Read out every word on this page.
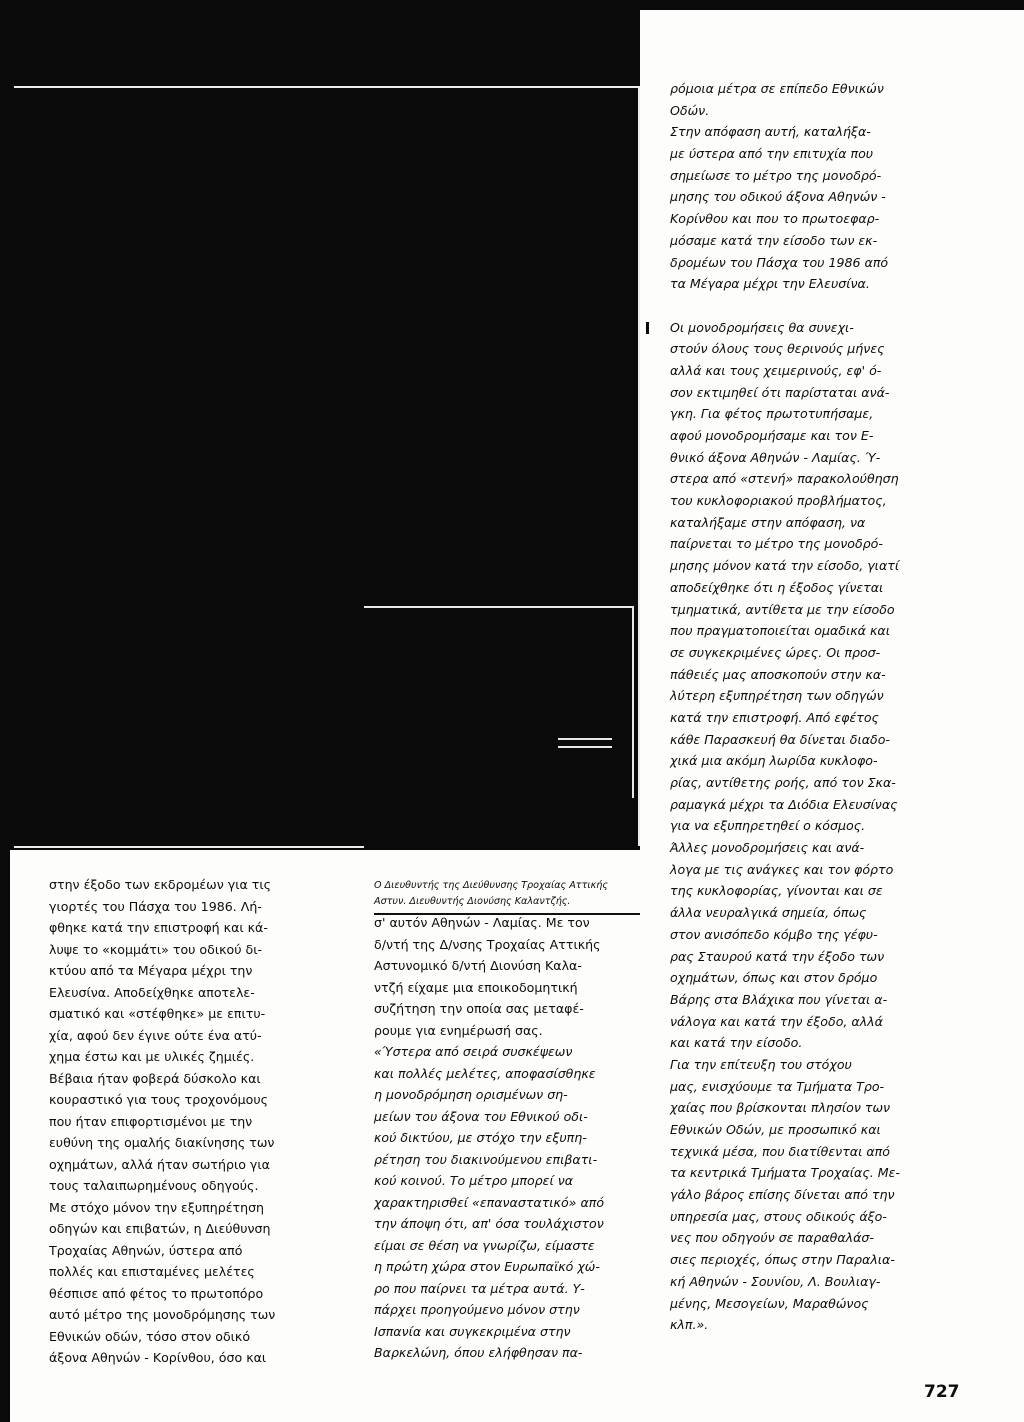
στην έξοδο των εκδρομέων για τις
γιορτές του Πάσχα του 1986. Λή-
φθηκε κατά την επιστροφή και κά-
λυψε το «κομμάτι» του οδικού δι-
κτύου από τα Μέγαρα μέχρι την
Ελευσίνα. Αποδείχθηκε αποτελε-
σματικό και «στέφθηκε» με επιτυ-
χία, αφού δεν έγινε ούτε ένα ατύ-
χημα έστω και με υλικές ζημιές.
Βέβαια ήταν φοβερά δύσκολο και
κουραστικό για τους τροχονόμους
που ήταν επιφορτισμένοι με την
ευθύνη της ομαλής διακίνησης των
οχημάτων, αλλά ήταν σωτήριο για
τους ταλαιπωρημένους οδηγούς.
Με στόχο μόνον την εξυπηρέτηση
οδηγών και επιβατών, η Διεύθυνση
Τροχαίας Αθηνών, ύστερα από
πολλές και επισταμένες μελέτες
θέσπισε από φέτος το πρωτοπόρο
αυτό μέτρο της μονοδρόμησης των
Εθνικών οδών, τόσο στον οδικό
άξονα Αθηνών - Κορίνθου, όσο και
Ο Διευθυντής της Διεύθυνσης Τροχαίας Αττικής
Αστυν. Διευθυντής Διονύσης Καλαντζής.
σ' αυτόν Αθηνών - Λαμίας. Με τον
δ/ντή της Δ/νσης Τροχαίας Αττικής
Αστυνομικό δ/ντή Διονύση Καλα-
ντζή είχαμε μια εποικοδομητική
συζήτηση την οποία σας μεταφέ-
ρουμε για ενημέρωσή σας.
«Ύστερα από σειρά συσκέψεων
και πολλές μελέτες, αποφασίσθηκε
η μονοδρόμηση ορισμένων ση-
μείων του άξονα του Εθνικού οδι-
κού δικτύου, με στόχο την εξυπη-
ρέτηση του διακινούμενου επιβατι-
κού κοινού. Το μέτρο μπορεί να
χαρακτηρισθεί «επαναστατικό» από
την άποψη ότι, απ' όσα τουλάχιστον
είμαι σε θέση να γνωρίζω, είμαστε
η πρώτη χώρα στον Ευρωπαϊκό χώ-
ρο που παίρνει τα μέτρα αυτά. Υ-
πάρχει προηγούμενο μόνον στην
Ισπανία και συγκεκριμένα στην
Βαρκελώνη, όπου ελήφθησαν πα-
ρόμοια μέτρα σε επίπεδο Εθνικών
Οδών.
Στην απόφαση αυτή, καταλήξα-
με ύστερα από την επιτυχία που
σημείωσε το μέτρο της μονοδρό-
μησης του οδικού άξονα Αθηνών -
Κορίνθου και που το πρωτοεφαρ-
μόσαμε κατά την είσοδο των εκ-
δρομέων του Πάσχα του 1986 από
τα Μέγαρα μέχρι την Ελευσίνα.
Οι μονοδρομήσεις θα συνεχι-
στούν όλους τους θερινούς μήνες
αλλά και τους χειμερινούς, εφ' ό-
σον εκτιμηθεί ότι παρίσταται ανά-
γκη. Για φέτος πρωτοτυπήσαμε,
αφού μονοδρομήσαμε και τον Ε-
θνικό άξονα Αθηνών - Λαμίας. Ύ-
στερα από «στενή» παρακολούθηση
του κυκλοφοριακού προβλήματος,
καταλήξαμε στην απόφαση, να
παίρνεται το μέτρο της μονοδρό-
μησης μόνον κατά την είσοδο, γιατί
αποδείχθηκε ότι η έξοδος γίνεται
τμηματικά, αντίθετα με την είσοδο
που πραγματοποιείται ομαδικά και
σε συγκεκριμένες ώρες. Οι προσ-
πάθειές μας αποσκοπούν στην κα-
λύτερη εξυπηρέτηση των οδηγών
κατά την επιστροφή. Από εφέτος
κάθε Παρασκευή θα δίνεται διαδο-
χικά μια ακόμη λωρίδα κυκλοφο-
ρίας, αντίθετης ροής, από τον Σκα-
ραμαγκά μέχρι τα Διόδια Ελευσίνας
για να εξυπηρετηθεί ο κόσμος.
Άλλες μονοδρομήσεις και ανά-
λογα με τις ανάγκες και τον φόρτο
της κυκλοφορίας, γίνονται και σε
άλλα νευραλγικά σημεία, όπως
στον ανισόπεδο κόμβο της γέφυ-
ρας Σταυρού κατά την έξοδο των
οχημάτων, όπως και στον δρόμο
Βάρης στα Βλάχικα που γίνεται α-
νάλογα και κατά την έξοδο, αλλά
και κατά την είσοδο.
Για την επίτευξη του στόχου
μας, ενισχύουμε τα Τμήματα Τρο-
χαίας που βρίσκονται πλησίον των
Εθνικών Οδών, με προσωπικό και
τεχνικά μέσα, που διατίθενται από
τα κεντρικά Τμήματα Τροχαίας. Με-
γάλο βάρος επίσης δίνεται από την
υπηρεσία μας, στους οδικούς άξο-
νες που οδηγούν σε παραθαλάσ-
σιες περιοχές, όπως στην Παραλια-
κή Αθηνών - Σουνίου, Λ. Βουλιαγ-
μένης, Μεσογείων, Μαραθώνος
κλπ.».
727
